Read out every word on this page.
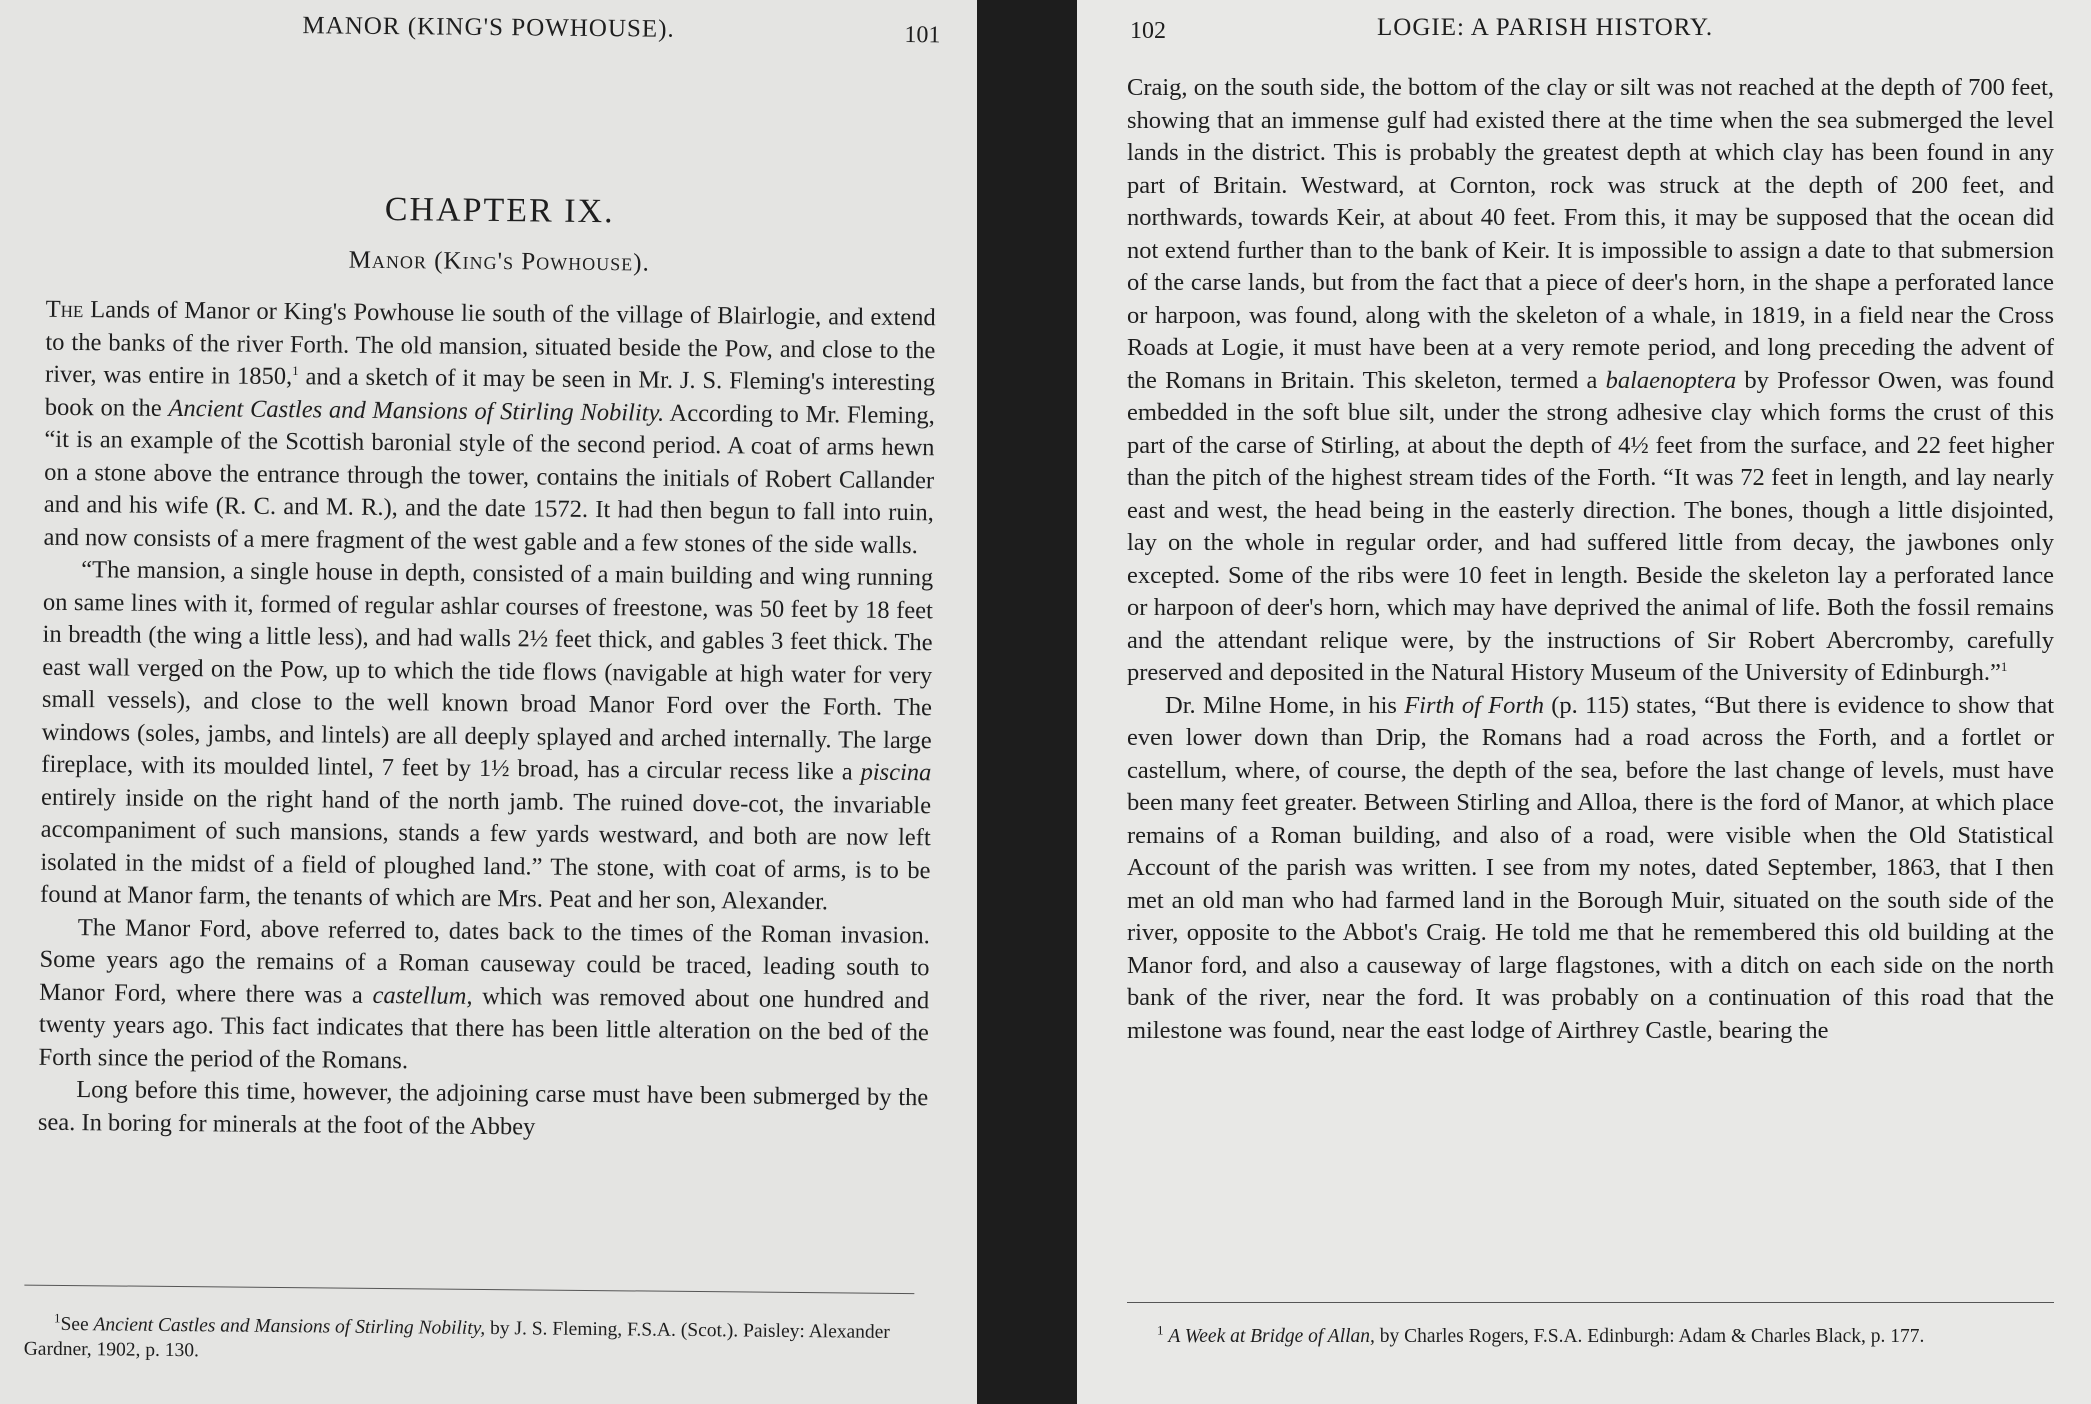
MANOR (KING'S POWHOUSE).	101
CHAPTER IX.
Manor (King's Powhouse).

The Lands of Manor or King's Powhouse lie south of the village of Blairlogie, and extend to the banks of the river Forth. The old mansion, situated beside the Pow, and close to the river, was entire in 1850,$^1$ and a sketch of it may be seen in Mr. J. S. Fleming's interesting book on the Ancient Castles and Mansions of Stirling Nobility. According to Mr. Fleming, “it is an example of the Scottish baronial style of the second period. A coat of arms hewn on a stone above the entrance through the tower, contains the initials of Robert Callander and and his wife (R. C. and M. R.), and the date 1572. It had then begun to fall into ruin, and now consists of a mere fragment of the west gable and a few stones of the side walls.

“The mansion, a single house in depth, consisted of a main building and wing running on same lines with it, formed of regular ashlar courses of freestone, was 50 feet by 18 feet in breadth (the wing a little less), and had walls 2½ feet thick, and gables 3 feet thick. The east wall verged on the Pow, up to which the tide flows (navigable at high water for very small vessels), and close to the well known broad Manor Ford over the Forth. The windows (soles, jambs, and lintels) are all deeply splayed and arched internally. The large fireplace, with its moulded lintel, 7 feet by 1½ broad, has a circular recess like a piscina entirely inside on the right hand of the north jamb. The ruined dove-cot, the invariable accompaniment of such mansions, stands a few yards westward, and both are now left isolated in the midst of a field of ploughed land.” The stone, with coat of arms, is to be found at Manor farm, the tenants of which are Mrs. Peat and her son, Alexander.

The Manor Ford, above referred to, dates back to the times of the Roman invasion. Some years ago the remains of a Roman causeway could be traced, leading south to Manor Ford, where there was a castellum, which was removed about one hundred and twenty years ago. This fact indicates that there has been little alteration on the bed of the Forth since the period of the Romans.

Long before this time, however, the adjoining carse must have been submerged by the sea. In boring for minerals at the foot of the Abbey

$^1$See Ancient Castles and Mansions of Stirling Nobility, by J. S. Fleming, F.S.A. (Scot.). Paisley: Alexander Gardner, 1902, p. 130.

102	LOGIE: A PARISH HISTORY.

Craig, on the south side, the bottom of the clay or silt was not reached at the depth of 700 feet, showing that an immense gulf had existed there at the time when the sea submerged the level lands in the district. This is probably the greatest depth at which clay has been found in any part of Britain. Westward, at Cornton, rock was struck at the depth of 200 feet, and northwards, towards Keir, at about 40 feet. From this, it may be supposed that the ocean did not extend further than to the bank of Keir. It is impossible to assign a date to that submersion of the carse lands, but from the fact that a piece of deer's horn, in the shape a perforated lance or harpoon, was found, along with the skeleton of a whale, in 1819, in a field near the Cross Roads at Logie, it must have been at a very remote period, and long preceding the advent of the Romans in Britain. This skeleton, termed a balaenoptera by Professor Owen, was found embedded in the soft blue silt, under the strong adhesive clay which forms the crust of this part of the carse of Stirling, at about the depth of 4½ feet from the surface, and 22 feet higher than the pitch of the highest stream tides of the Forth. “It was 72 feet in length, and lay nearly east and west, the head being in the easterly direction. The bones, though a little disjointed, lay on the whole in regular order, and had suffered little from decay, the jawbones only excepted. Some of the ribs were 10 feet in length. Beside the skeleton lay a perforated lance or harpoon of deer's horn, which may have deprived the animal of life. Both the fossil remains and the attendant relique were, by the instructions of Sir Robert Abercromby, carefully preserved and deposited in the Natural History Museum of the University of Edinburgh.”$^1$

Dr. Milne Home, in his Firth of Forth (p. 115) states, “But there is evidence to show that even lower down than Drip, the Romans had a road across the Forth, and a fortlet or castellum, where, of course, the depth of the sea, before the last change of levels, must have been many feet greater. Between Stirling and Alloa, there is the ford of Manor, at which place remains of a Roman building, and also of a road, were visible when the Old Statistical Account of the parish was written. I see from my notes, dated September, 1863, that I then met an old man who had farmed land in the Borough Muir, situated on the south side of the river, opposite to the Abbot's Craig. He told me that he remembered this old building at the Manor ford, and also a causeway of large flagstones, with a ditch on each side on the north bank of the river, near the ford. It was probably on a continuation of this road that the milestone was found, near the east lodge of Airthrey Castle, bearing the

$^1$ A Week at Bridge of Allan, by Charles Rogers, F.S.A. Edinburgh: Adam & Charles Black, p. 177.
